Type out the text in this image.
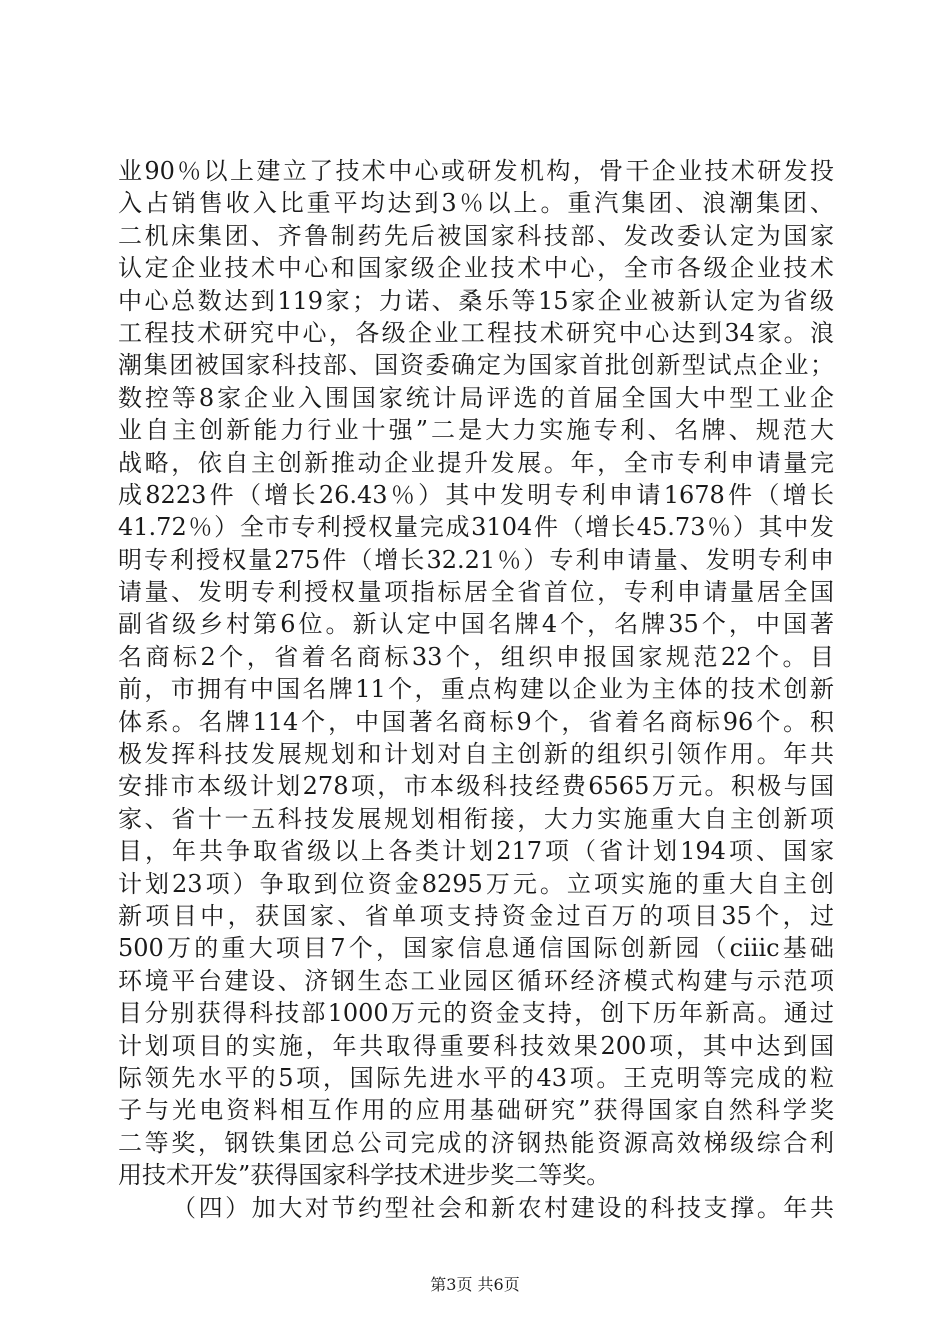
业90％以上建立了技术中心或研发机构，骨干企业技术研发投
入占销售收入比重平均达到3％以上。重汽集团、浪潮集团、
二机床集团、齐鲁制药先后被国家科技部、发改委认定为国家
认定企业技术中心和国家级企业技术中心，全市各级企业技术
中心总数达到119家；力诺、桑乐等15家企业被新认定为省级
工程技术研究中心，各级企业工程技术研究中心达到34家。浪
潮集团被国家科技部、国资委确定为国家首批创新型试点企业；
数控等8家企业入围国家统计局评选的首届全国大中型工业企
业自主创新能力行业十强”二是大力实施专利、名牌、规范大
战略，依自主创新推动企业提升发展。年，全市专利申请量完
成8223件（增长26.43％）其中发明专利申请1678件（增长
41.72％）全市专利授权量完成3104件（增长45.73％）其中发
明专利授权量275件（增长32.21％）专利申请量、发明专利申
请量、发明专利授权量项指标居全省首位，专利申请量居全国
副省级乡村第6位。新认定中国名牌4个，名牌35个，中国著
名商标2个，省着名商标33个，组织申报国家规范22个。目
前，市拥有中国名牌11个，重点构建以企业为主体的技术创新
体系。名牌114个，中国著名商标9个，省着名商标96个。积
极发挥科技发展规划和计划对自主创新的组织引领作用。年共
安排市本级计划278项，市本级科技经费6565万元。积极与国
家、省十一五科技发展规划相衔接，大力实施重大自主创新项
目，年共争取省级以上各类计划217项（省计划194项、国家
计划23项）争取到位资金8295万元。立项实施的重大自主创
新项目中，获国家、省单项支持资金过百万的项目35个，过
500万的重大项目7个，国家信息通信国际创新园（ciiic基础
环境平台建设、济钢生态工业园区循环经济模式构建与示范项
目分别获得科技部1000万元的资金支持，创下历年新高。通过
计划项目的实施，年共取得重要科技效果200项，其中达到国
际领先水平的5项，国际先进水平的43项。王克明等完成的粒
子与光电资料相互作用的应用基础研究”获得国家自然科学奖
二等奖，钢铁集团总公司完成的济钢热能资源高效梯级综合利
用技术开发”获得国家科学技术进步奖二等奖。
（四）加大对节约型社会和新农村建设的科技支撑。年共
第3页 共6页
